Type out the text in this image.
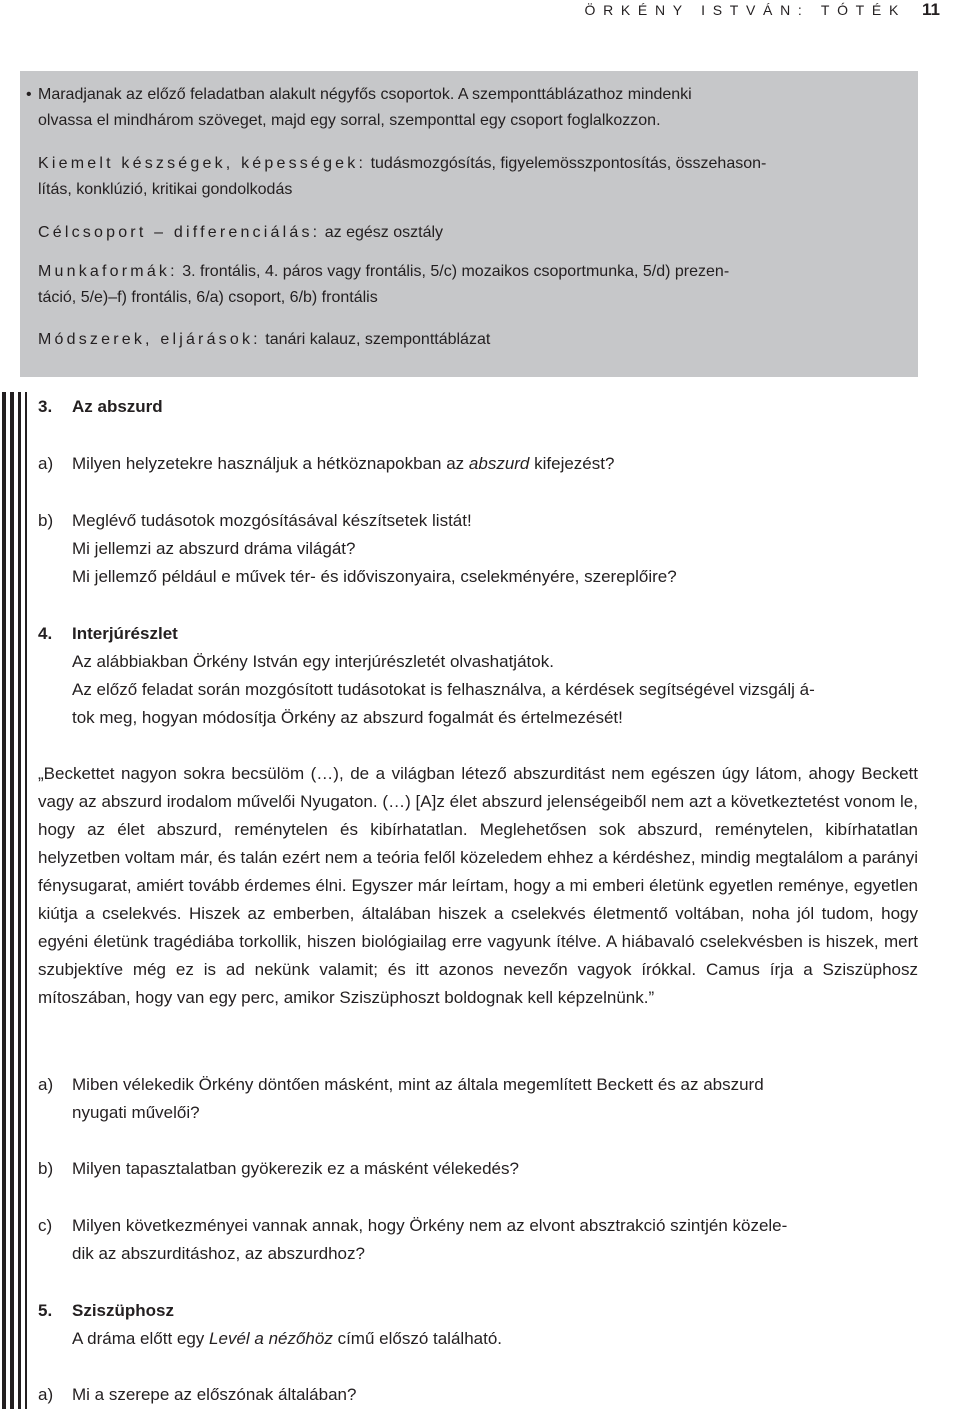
ÖRKÉNY ISTVÁN: TÓTÉK 11

• Maradjanak az előző feladatban alakult négyfős csoportok. A szemponttáblázathoz mindenki
olvassa el mindhárom szöveget, majd egy sorral, szemponttal egy csoport foglalkozzon.

Kiemelt készségek, képességek: tudásmozgósítás, figyelemösszpontosítás, összehason-
lítás, konklúzió, kritikai gondolkodás

Célcsoport – differenciálás: az egész osztály

Munkaformák: 3. frontális, 4. páros vagy frontális, 5/c) mozaikos csoportmunka, 5/d) prezen-
táció, 5/e)–f) frontális, 6/a) csoport, 6/b) frontális

Módszerek, eljárások: tanári kalauz, szemponttáblázat

3. Az abszurd
a) Milyen helyzetekre használjuk a hétköznapokban az abszurd kifejezést?

b) Meglévő tudásotok mozgósításával készítsetek listát!
Mi jellemzi az abszurd dráma világát?
Mi jellemző például e művek tér- és időviszonyaira, cselekményére, szereplőire?
4. Interjúrészlet
Az alábbiakban Örkény István egy interjúrészletét olvashatjátok.
Az előző feladat során mozgósított tudásotokat is felhasználva, a kérdések segítségével vizsgálj á-
tok meg, hogyan módosítja Örkény az abszurd fogalmát és értelmezését!

„Beckettet nagyon sokra becsülöm (…), de a világban létező abszurditást nem egészen úgy látom, ahogy Beckett vagy az abszurd irodalom művelői Nyugaton. (…) [A]z élet abszurd jelenségeiből nem azt a következtetést vonom le, hogy az élet abszurd, reménytelen és kibírhatatlan. Meglehetősen sok abszurd, reménytelen, kibírhatatlan helyzetben voltam már, és talán ezért nem a teória felől közeledem ehhez a kérdéshez, mindig megtalálom a parányi fénysugarat, amiért tovább érdemes élni. Egyszer már leírtam, hogy a mi emberi életünk egyetlen reménye, egyetlen kiútja a cselekvés. Hiszek az emberben, általában hiszek a cselekvés életmentő voltában, noha jól tudom, hogy egyéni életünk tragédiába torkollik, hiszen biológiailag erre vagyunk ítélve. A hiábavaló cselekvésben is hiszek, mert szubjektíve még ez is ad nekünk valamit; és itt azonos nevezőn vagyok írókkal. Camus írja a Sziszüphosz mítoszában, hogy van egy perc, amikor Sziszüphoszt boldognak kell képzelnünk.”

a) Miben vélekedik Örkény döntően másként, mint az általa megemlített Beckett és az abszurd
nyugati művelői?
b) Milyen tapasztalatban gyökerezik ez a másként vélekedés?
c) Milyen következményei vannak annak, hogy Örkény nem az elvont absztrakció szintjén közele-
dik az abszurditáshoz, az abszurdhoz?
5. Sziszüphosz

A dráma előtt egy Levél a nézőhöz című előszó található.

a) Mi a szerepe az előszónak általában?
